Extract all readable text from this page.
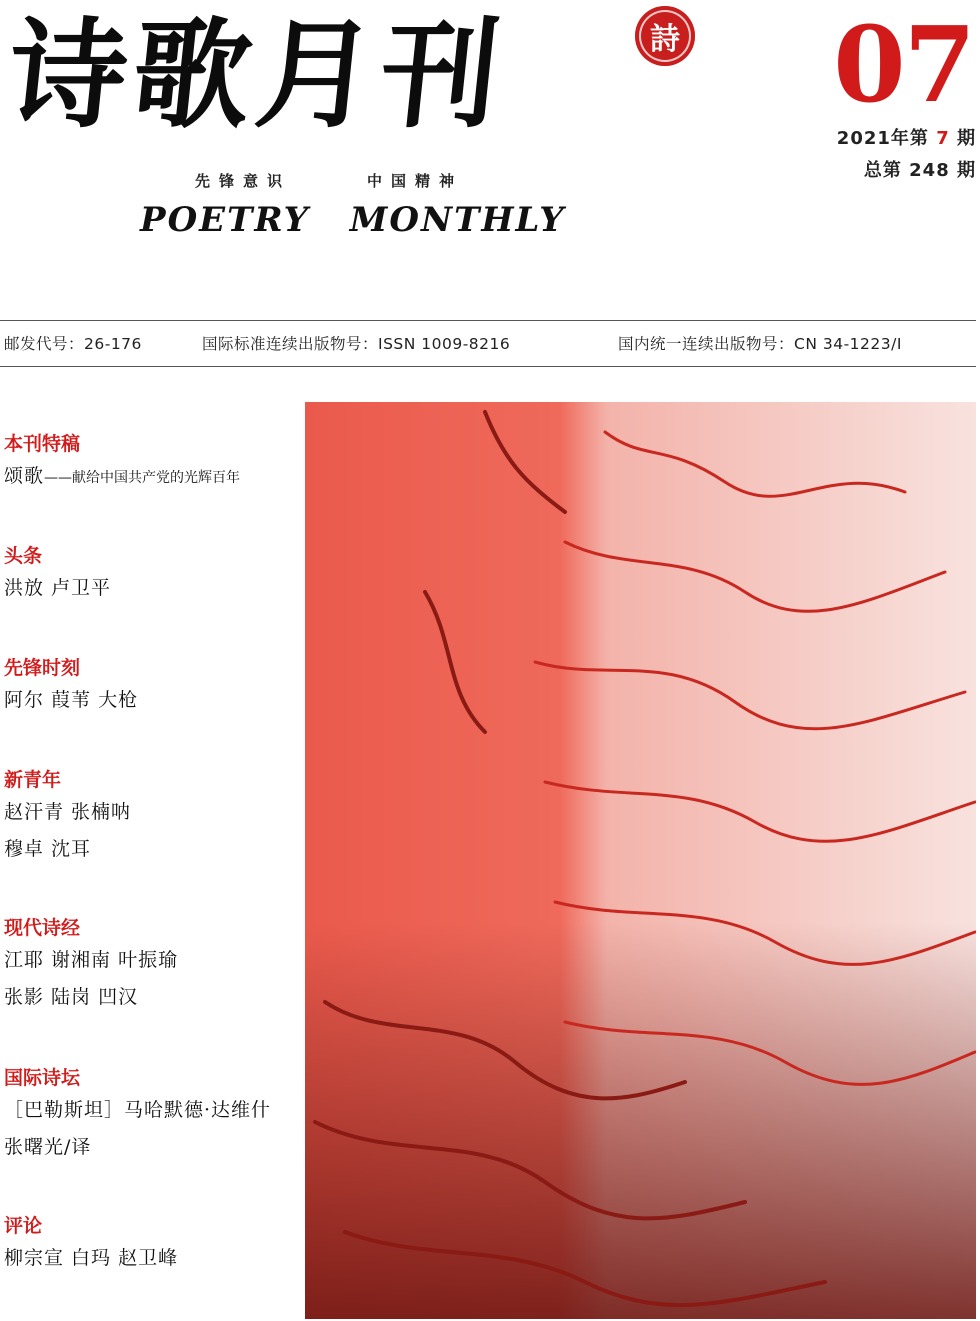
诗歌月刊	詩 07
2021年第 7 期
总第 248 期
先锋意识	中国精神
POETRY MONTHLY
邮发代号：26-176	国际标准连续出版物号：ISSN 1009-8216	国内统一连续出版物号：CN 34-1223/I
本刊特稿
颂歌——献给中国共产党的光辉百年
头条
洪放 卢卫平
先锋时刻
阿尔 葭苇 大枪
新青年
赵汗青 张楠呐
穆卓 沈耳
现代诗经
江耶 谢湘南 叶振瑜
张影 陆岗 凹汉
国际诗坛
［巴勒斯坦］马哈默德·达维什
张曙光/译
评论
柳宗宣 白玛 赵卫峰
